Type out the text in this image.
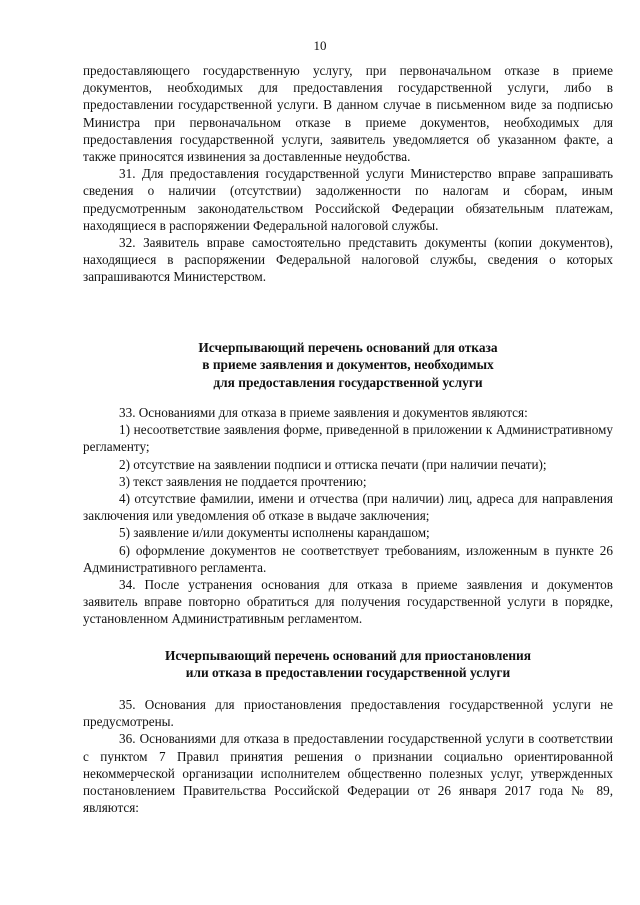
10

предоставляющего государственную услугу, при первоначальном отказе в приеме документов, необходимых для предоставления государственной услуги, либо в предоставлении государственной услуги. В данном случае в письменном виде за подписью Министра при первоначальном отказе в приеме документов, необходимых для предоставления государственной услуги, заявитель уведомляется об указанном факте, а также приносятся извинения за доставленные неудобства.

31. Для предоставления государственной услуги Министерство вправе запрашивать сведения о наличии (отсутствии) задолженности по налогам и сборам, иным предусмотренным законодательством Российской Федерации обязательным платежам, находящиеся в распоряжении Федеральной налоговой службы.

32. Заявитель вправе самостоятельно представить документы (копии документов), находящиеся в распоряжении Федеральной налоговой службы, сведения о которых запрашиваются Министерством.

Исчерпывающий перечень оснований для отказа

в приеме заявления и документов, необходимых

для предоставления государственной услуги

33. Основаниями для отказа в приеме заявления и документов являются:

1) несоответствие заявления форме, приведенной в приложении к Административному регламенту;

2) отсутствие на заявлении подписи и оттиска печати (при наличии печати);

3) текст заявления не поддается прочтению;

4) отсутствие фамилии, имени и отчества (при наличии) лиц, адреса для направления заключения или уведомления об отказе в выдаче заключения;

5) заявление и/или документы исполнены карандашом;

6) оформление документов не соответствует требованиям, изложенным в пункте 26 Административного регламента.

34. После устранения основания для отказа в приеме заявления и документов заявитель вправе повторно обратиться для получения государственной услуги в порядке, установленном Административным регламентом.

Исчерпывающий перечень оснований для приостановления

или отказа в предоставлении государственной услуги

35. Основания для приостановления предоставления государственной услуги не предусмотрены.

36. Основаниями для отказа в предоставлении государственной услуги в соответствии с пунктом 7 Правил принятия решения о признании социально ориентированной некоммерческой организации исполнителем общественно полезных услуг, утвержденных постановлением Правительства Российской Федерации от 26 января 2017 года № 89, являются:
